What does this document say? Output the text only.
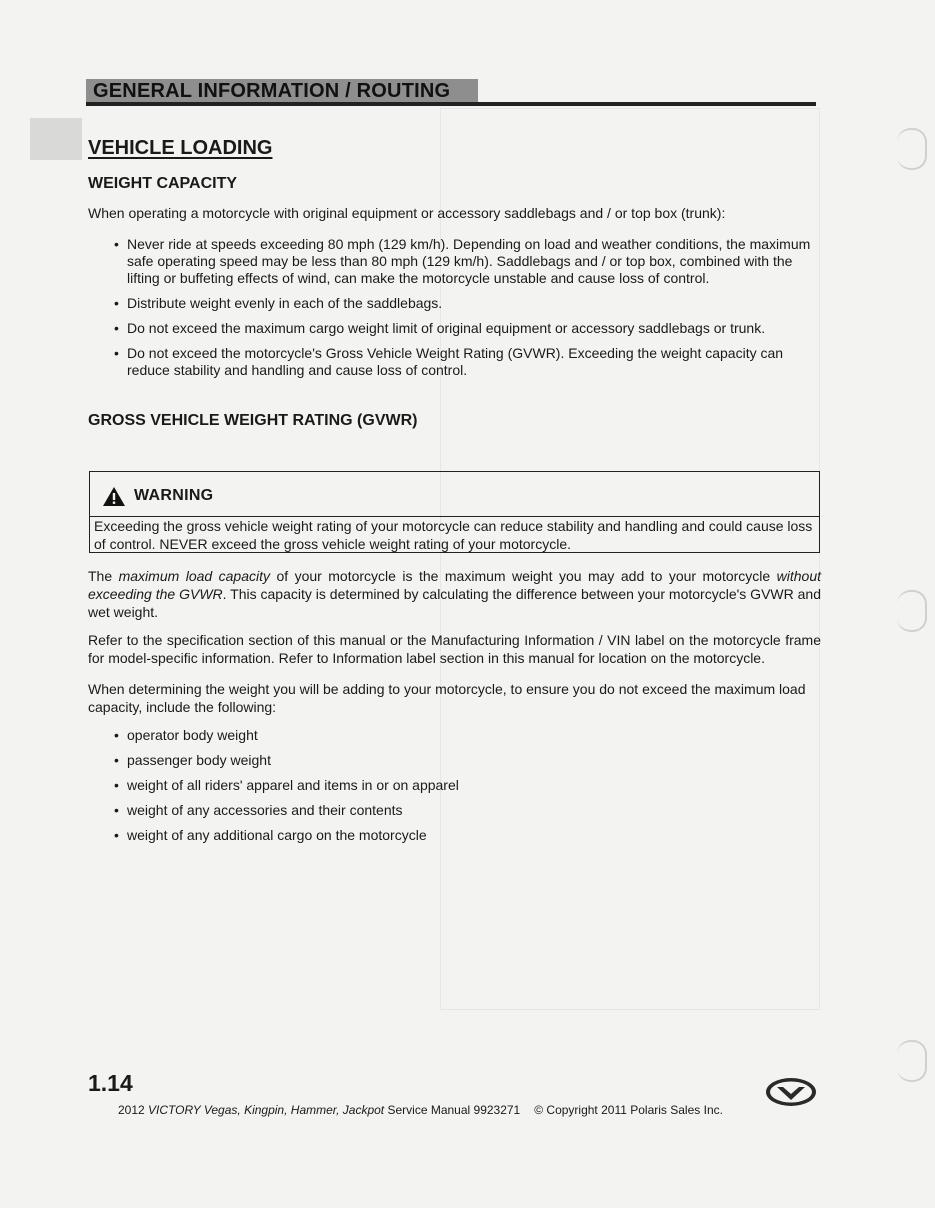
GENERAL INFORMATION / ROUTING
VEHICLE LOADING
WEIGHT CAPACITY
When operating a motorcycle with original equipment or accessory saddlebags and / or top box (trunk):
• Never ride at speeds exceeding 80 mph (129 km/h). Depending on load and weather conditions, the maximum safe operating speed may be less than 80 mph (129 km/h). Saddlebags and / or top box, combined with the lifting or buffeting effects of wind, can make the motorcycle unstable and cause loss of control.
• Distribute weight evenly in each of the saddlebags.
• Do not exceed the maximum cargo weight limit of original equipment or accessory saddlebags or trunk.
• Do not exceed the motorcycle's Gross Vehicle Weight Rating (GVWR). Exceeding the weight capacity can reduce stability and handling and cause loss of control.
GROSS VEHICLE WEIGHT RATING (GVWR)
WARNING
Exceeding the gross vehicle weight rating of your motorcycle can reduce stability and handling and could cause loss of control. NEVER exceed the gross vehicle weight rating of your motorcycle.
The maximum load capacity of your motorcycle is the maximum weight you may add to your motorcycle without exceeding the GVWR. This capacity is determined by calculating the difference between your motorcycle's GVWR and wet weight.
Refer to the specification section of this manual or the Manufacturing Information / VIN label on the motorcycle frame for model-specific information. Refer to Information label section in this manual for location on the motorcycle.
When determining the weight you will be adding to your motorcycle, to ensure you do not exceed the maximum load capacity, include the following:
• operator body weight
• passenger body weight
• weight of all riders' apparel and items in or on apparel
• weight of any accessories and their contents
• weight of any additional cargo on the motorcycle
1.14
2012 VICTORY Vegas, Kingpin, Hammer, Jackpot Service Manual 9923271 © Copyright 2011 Polaris Sales Inc.
